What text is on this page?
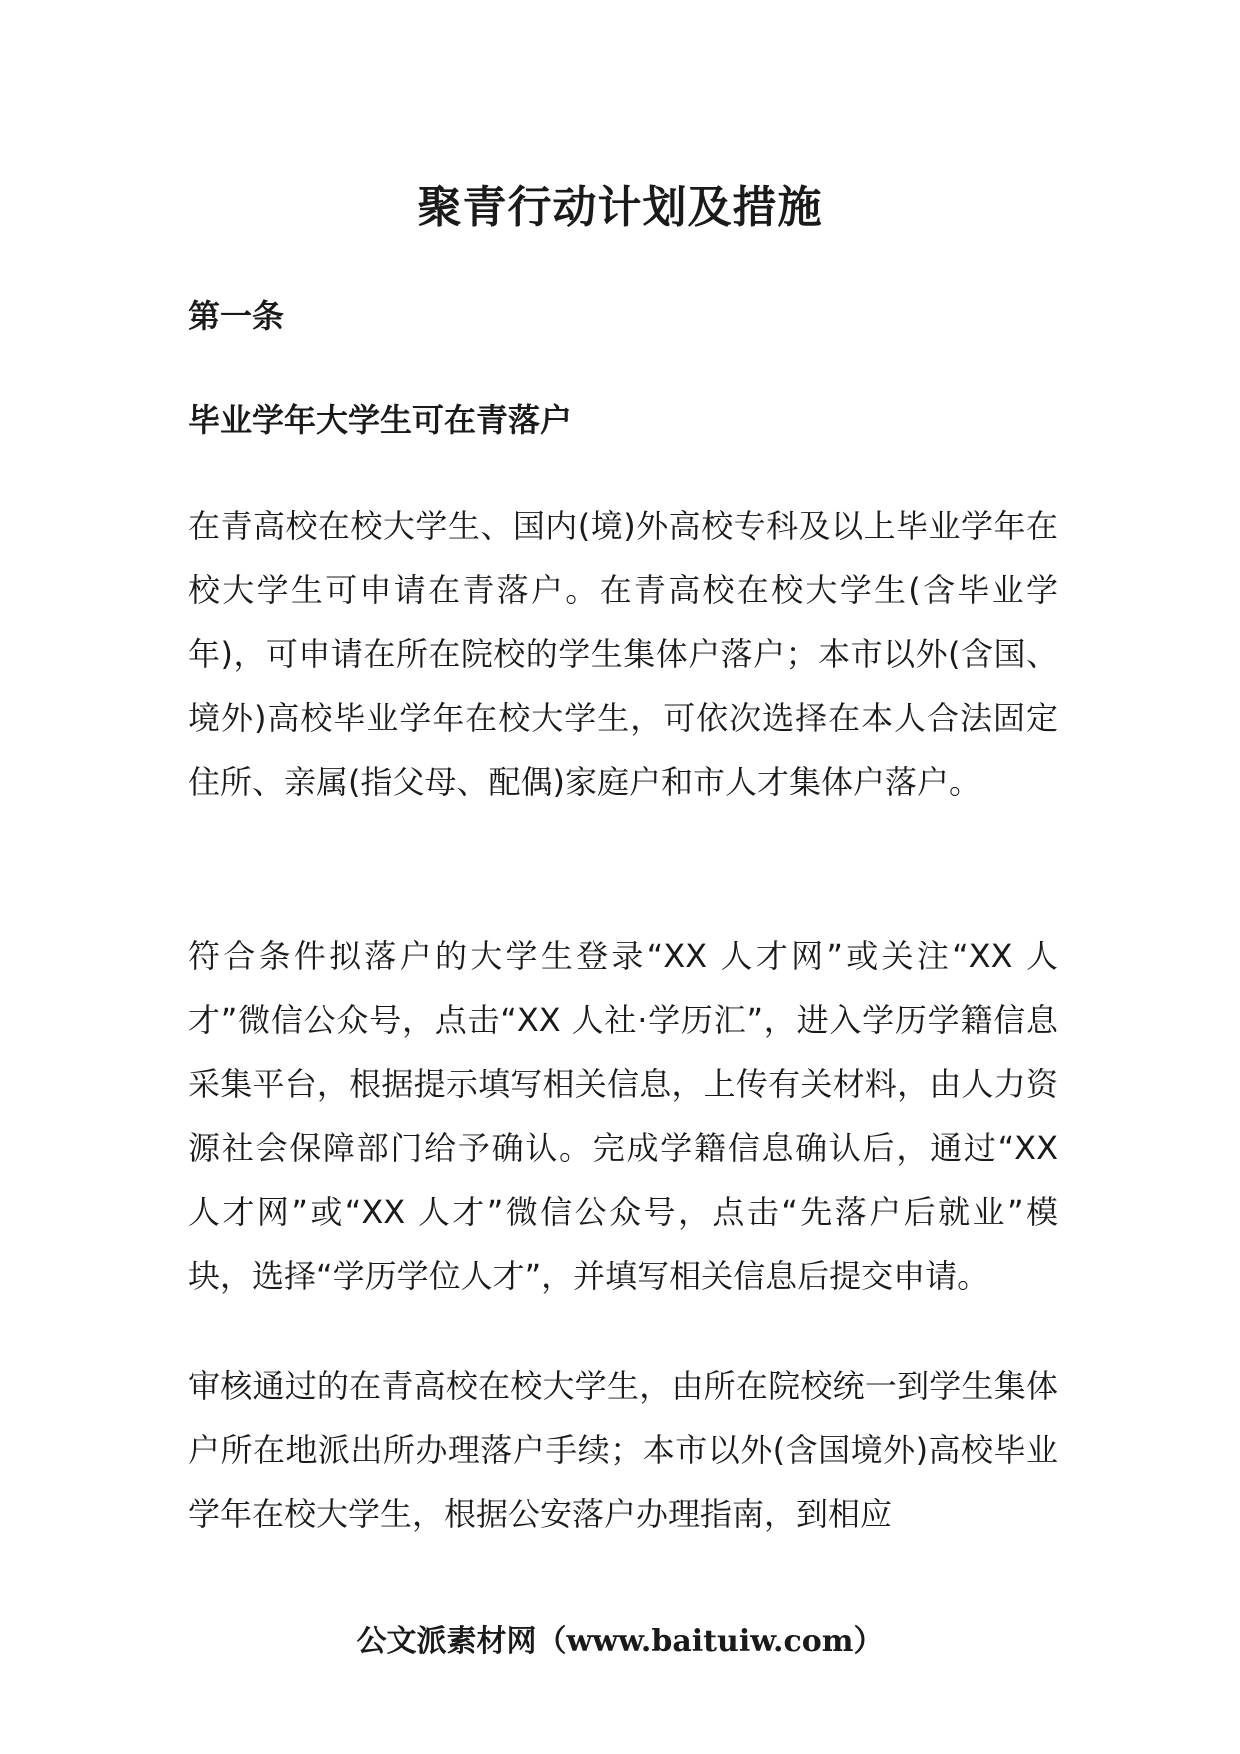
聚青行动计划及措施
第一条
毕业学年大学生可在青落户

在青高校在校大学生、国内(境)外高校专科及以上毕业学年在校大学生可申请在青落户。在青高校在校大学生(含毕业学年)，可申请在所在院校的学生集体户落户；本市以外(含国、境外)高校毕业学年在校大学生，可依次选择在本人合法固定住所、亲属(指父母、配偶)家庭户和市人才集体户落户。

符合条件拟落户的大学生登录“XX 人才网”或关注“XX 人才”微信公众号，点击“XX 人社·学历汇”，进入学历学籍信息采集平台，根据提示填写相关信息，上传有关材料，由人力资源社会保障部门给予确认。完成学籍信息确认后，通过“XX 人才网”或“XX 人才”微信公众号，点击“先落户后就业”模块，选择“学历学位人才”，并填写相关信息后提交申请。

审核通过的在青高校在校大学生，由所在院校统一到学生集体户所在地派出所办理落户手续；本市以外(含国境外)高校毕业学年在校大学生，根据公安落户办理指南，到相应

公文派素材网（www.baituiw.com）
